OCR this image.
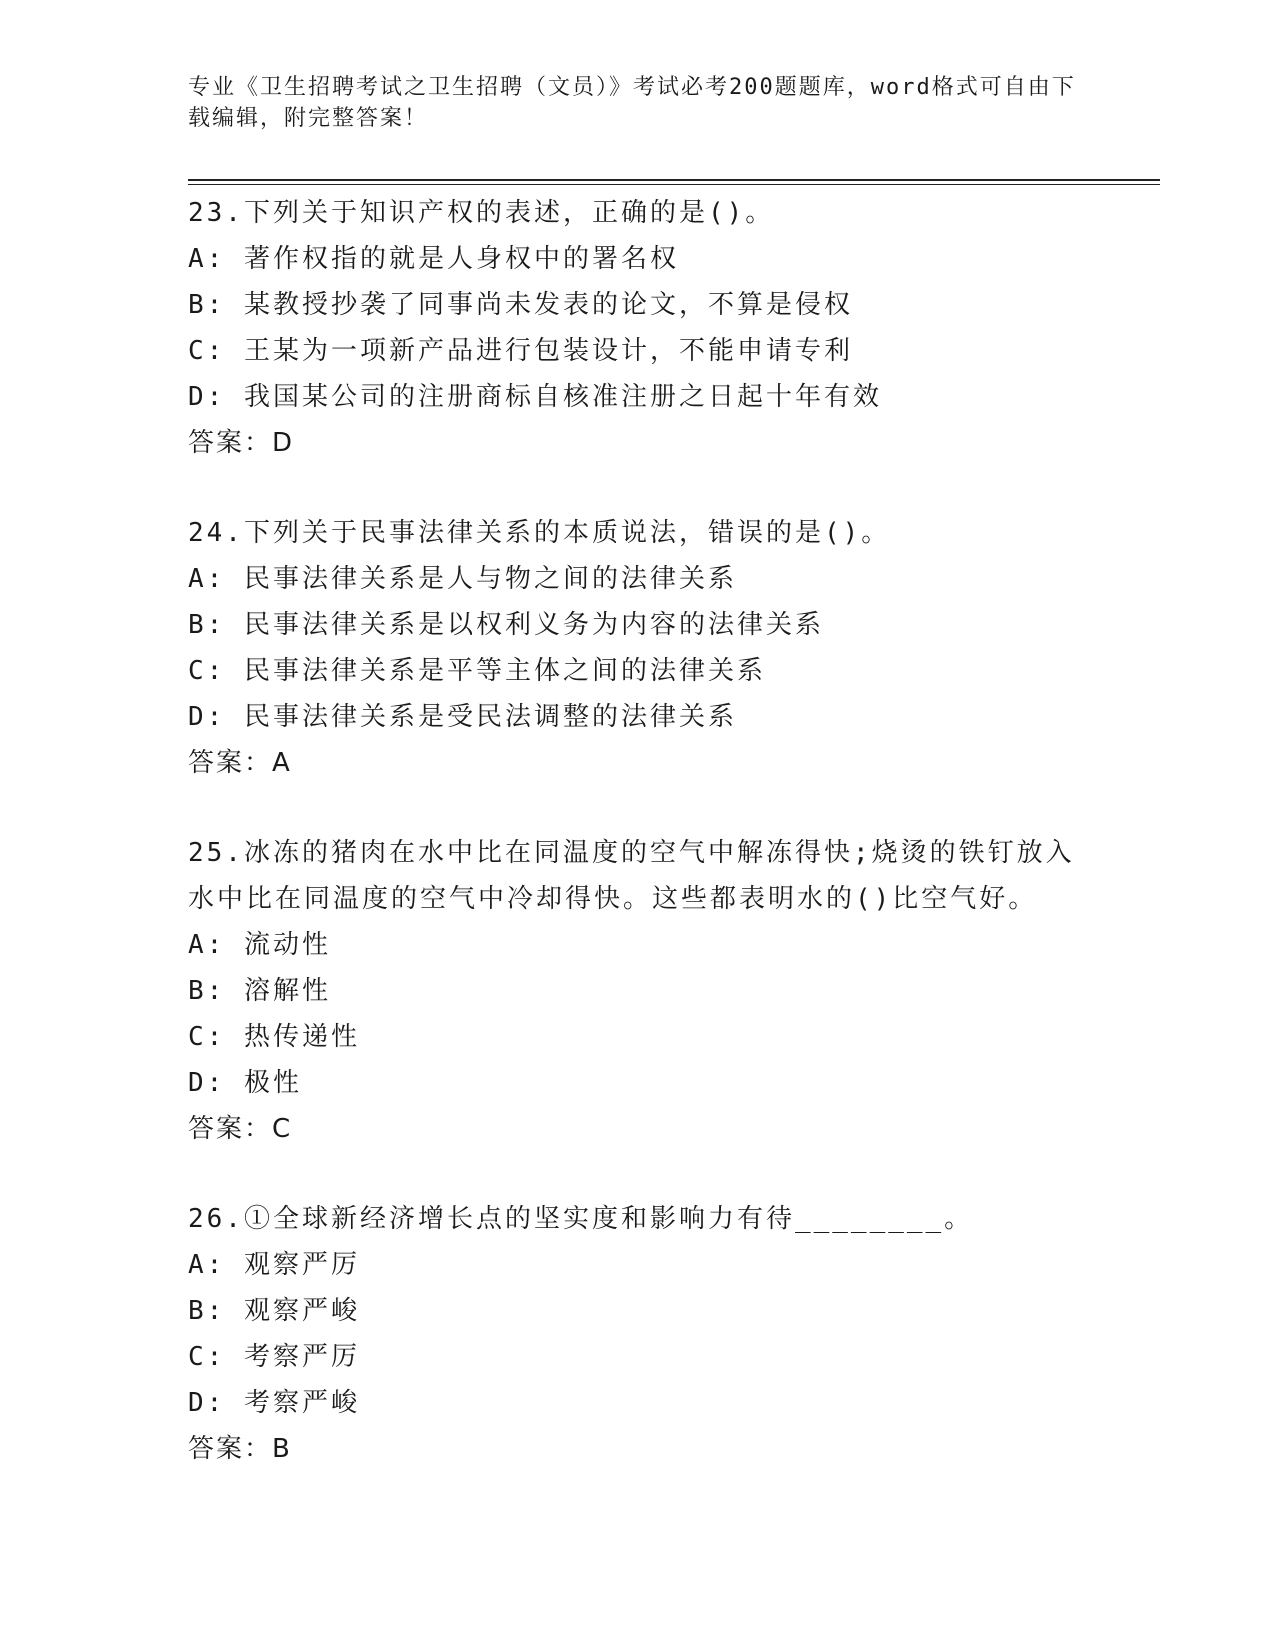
专业《卫生招聘考试之卫生招聘（文员）》考试必考200题题库，word格式可自由下载编辑，附完整答案！
23.下列关于知识产权的表述，正确的是()。
A: 著作权指的就是人身权中的署名权
B: 某教授抄袭了同事尚未发表的论文，不算是侵权
C: 王某为一项新产品进行包装设计，不能申请专利
D: 我国某公司的注册商标自核准注册之日起十年有效
答案：D
24.下列关于民事法律关系的本质说法，错误的是()。
A: 民事法律关系是人与物之间的法律关系
B: 民事法律关系是以权利义务为内容的法律关系
C: 民事法律关系是平等主体之间的法律关系
D: 民事法律关系是受民法调整的法律关系
答案：A
25.冰冻的猪肉在水中比在同温度的空气中解冻得快;烧烫的铁钉放入水中比在同温度的空气中冷却得快。这些都表明水的()比空气好。
A: 流动性
B: 溶解性
C: 热传递性
D: 极性
答案：C
26.①全球新经济增长点的坚实度和影响力有待________。
A: 观察严厉
B: 观察严峻
C: 考察严厉
D: 考察严峻
答案：B
